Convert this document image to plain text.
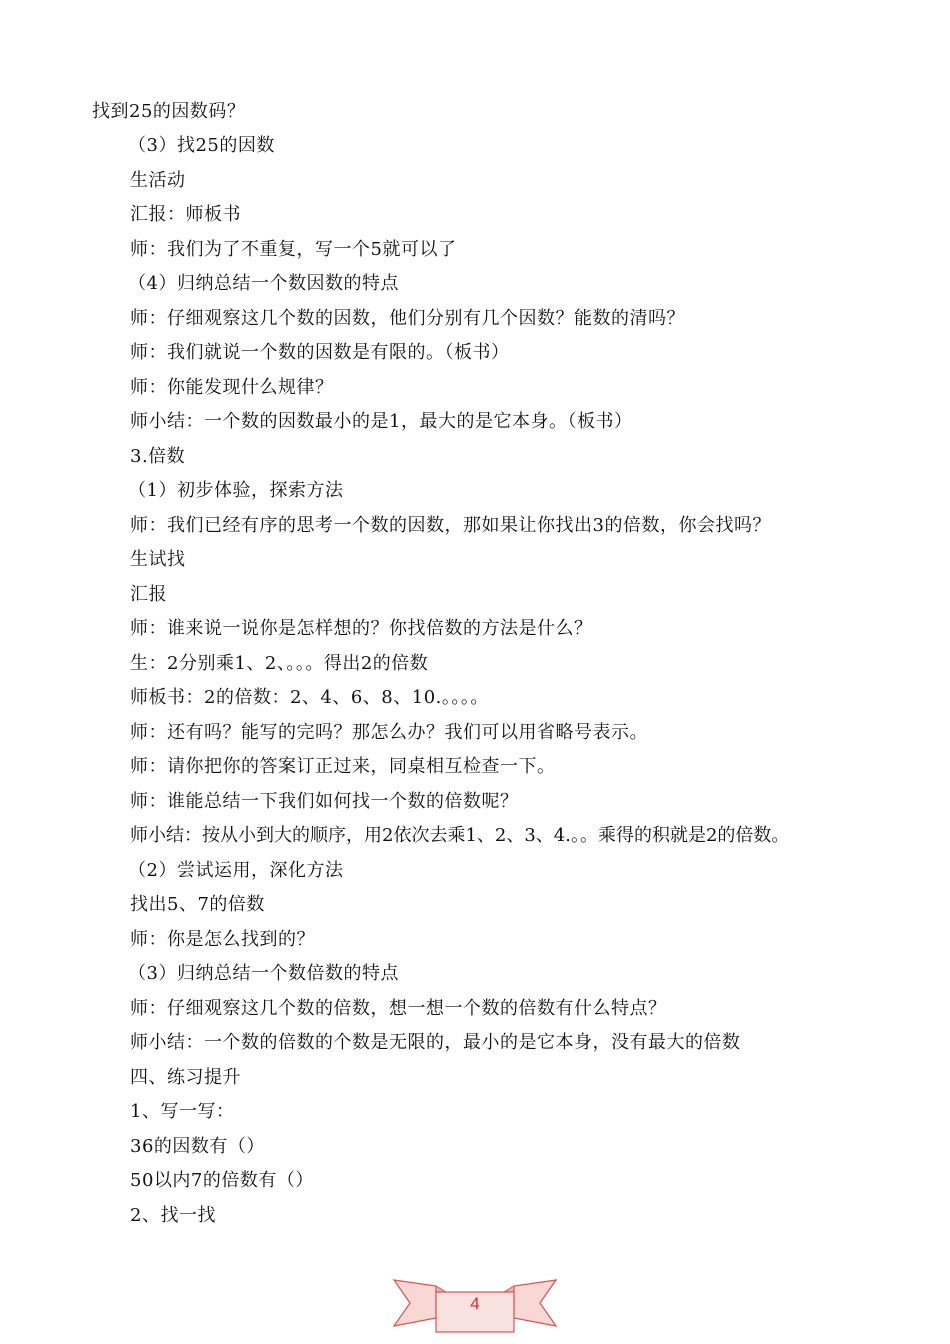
找到25的因数码？
（3）找25的因数
生活动
汇报：师板书
师：我们为了不重复，写一个5就可以了
（4）归纳总结一个数因数的特点
师：仔细观察这几个数的因数，他们分别有几个因数？能数的清吗？
师：我们就说一个数的因数是有限的。（板书）
师：你能发现什么规律？
师小结：一个数的因数最小的是1，最大的是它本身。（板书）
3.倍数
（1）初步体验，探索方法
师：我们已经有序的思考一个数的因数，那如果让你找出3的倍数，你会找吗？
生试找
汇报
师：谁来说一说你是怎样想的？你找倍数的方法是什么？
生：2分别乘1、2、。。。得出2的倍数
师板书：2的倍数：2、4、6、8、10.。。。。
师：还有吗？能写的完吗？那怎么办？我们可以用省略号表示。
师：请你把你的答案订正过来，同桌相互检查一下。
师：谁能总结一下我们如何找一个数的倍数呢？
师小结：按从小到大的顺序，用2依次去乘1、2、3、4.。。乘得的积就是2的倍数。
（2）尝试运用，深化方法
找出5、7的倍数
师：你是怎么找到的？
（3）归纳总结一个数倍数的特点
师：仔细观察这几个数的倍数，想一想一个数的倍数有什么特点？
师小结：一个数的倍数的个数是无限的，最小的是它本身，没有最大的倍数
四、练习提升
1、写一写：
36的因数有（）
50以内7的倍数有（）
2、找一找
4
